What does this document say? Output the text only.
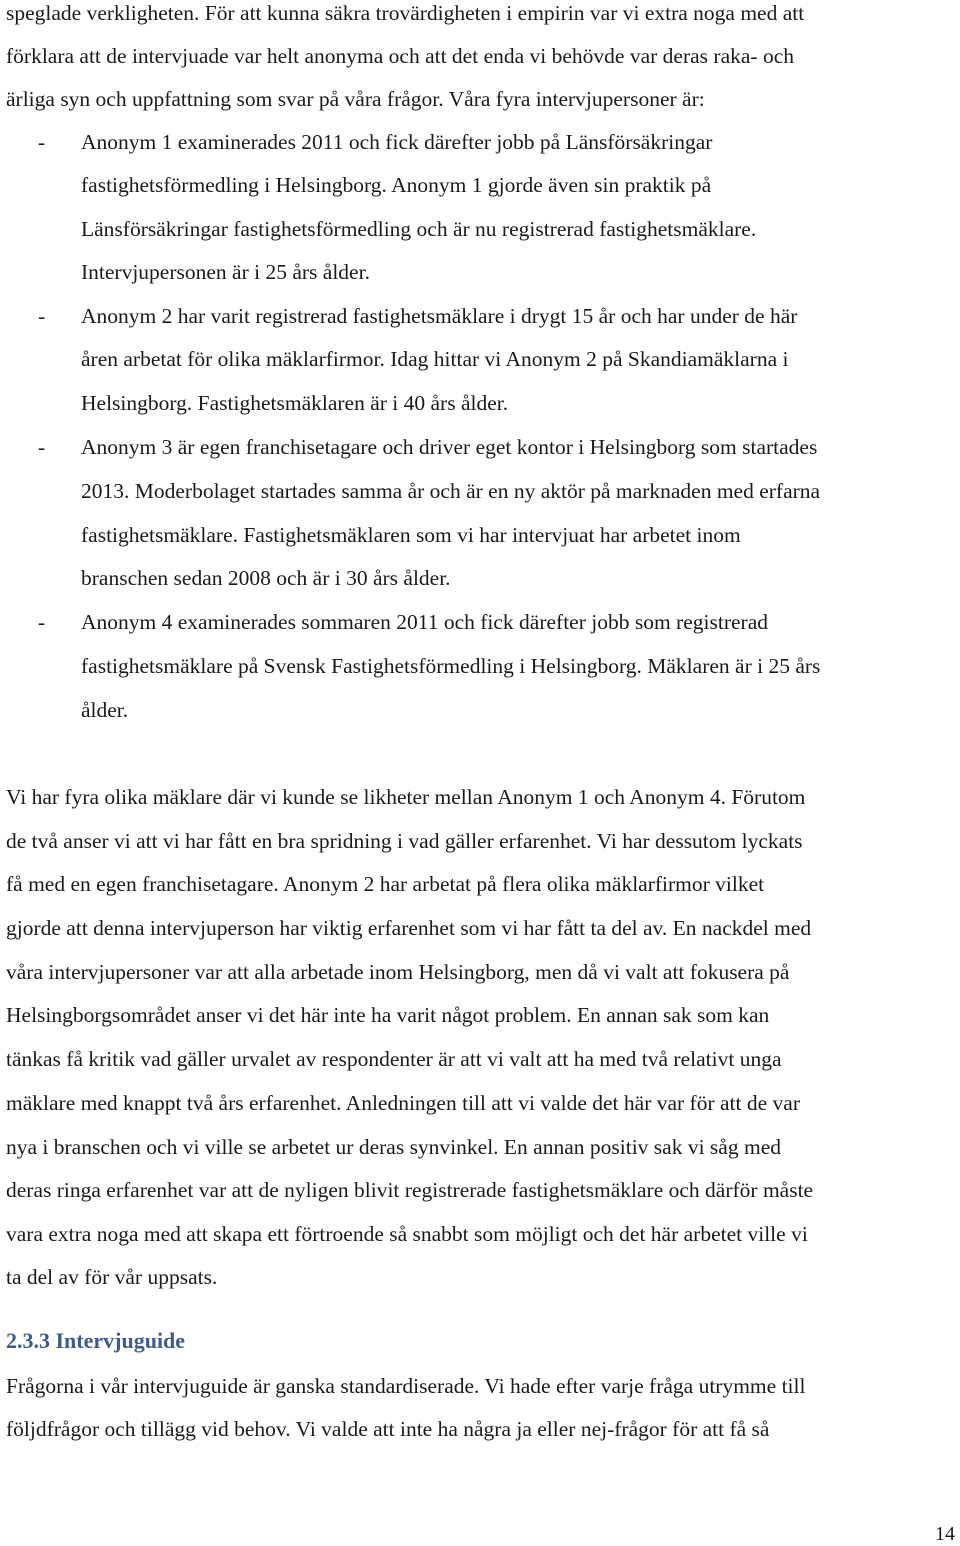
speglade verkligheten. För att kunna säkra trovärdigheten i empirin var vi extra noga med att
förklara att de intervjuade var helt anonyma och att det enda vi behövde var deras raka- och
ärliga syn och uppfattning som svar på våra frågor. Våra fyra intervjupersoner är:
- Anonym 1 examinerades 2011 och fick därefter jobb på Länsförsäkringar
fastighetsförmedling i Helsingborg. Anonym 1 gjorde även sin praktik på
Länsförsäkringar fastighetsförmedling och är nu registrerad fastighetsmäklare.
Intervjupersonen är i 25 års ålder.
- Anonym 2 har varit registrerad fastighetsmäklare i drygt 15 år och har under de här
åren arbetat för olika mäklarfirmor. Idag hittar vi Anonym 2 på Skandiamäklarna i
Helsingborg. Fastighetsmäklaren är i 40 års ålder.
- Anonym 3 är egen franchisetagare och driver eget kontor i Helsingborg som startades
2013. Moderbolaget startades samma år och är en ny aktör på marknaden med erfarna
fastighetsmäklare. Fastighetsmäklaren som vi har intervjuat har arbetet inom
branschen sedan 2008 och är i 30 års ålder.
- Anonym 4 examinerades sommaren 2011 och fick därefter jobb som registrerad
fastighetsmäklare på Svensk Fastighetsförmedling i Helsingborg. Mäklaren är i 25 års
ålder.
Vi har fyra olika mäklare där vi kunde se likheter mellan Anonym 1 och Anonym 4. Förutom
de två anser vi att vi har fått en bra spridning i vad gäller erfarenhet. Vi har dessutom lyckats
få med en egen franchisetagare. Anonym 2 har arbetat på flera olika mäklarfirmor vilket
gjorde att denna intervjuperson har viktig erfarenhet som vi har fått ta del av. En nackdel med
våra intervjupersoner var att alla arbetade inom Helsingborg, men då vi valt att fokusera på
Helsingborgsområdet anser vi det här inte ha varit något problem. En annan sak som kan
tänkas få kritik vad gäller urvalet av respondenter är att vi valt att ha med två relativt unga
mäklare med knappt två års erfarenhet. Anledningen till att vi valde det här var för att de var
nya i branschen och vi ville se arbetet ur deras synvinkel. En annan positiv sak vi såg med
deras ringa erfarenhet var att de nyligen blivit registrerade fastighetsmäklare och därför måste
vara extra noga med att skapa ett förtroende så snabbt som möjligt och det här arbetet ville vi
ta del av för vår uppsats.
2.3.3 Intervjuguide
Frågorna i vår intervjuguide är ganska standardiserade. Vi hade efter varje fråga utrymme till
följdfrågor och tillägg vid behov. Vi valde att inte ha några ja eller nej-frågor för att få så
14
